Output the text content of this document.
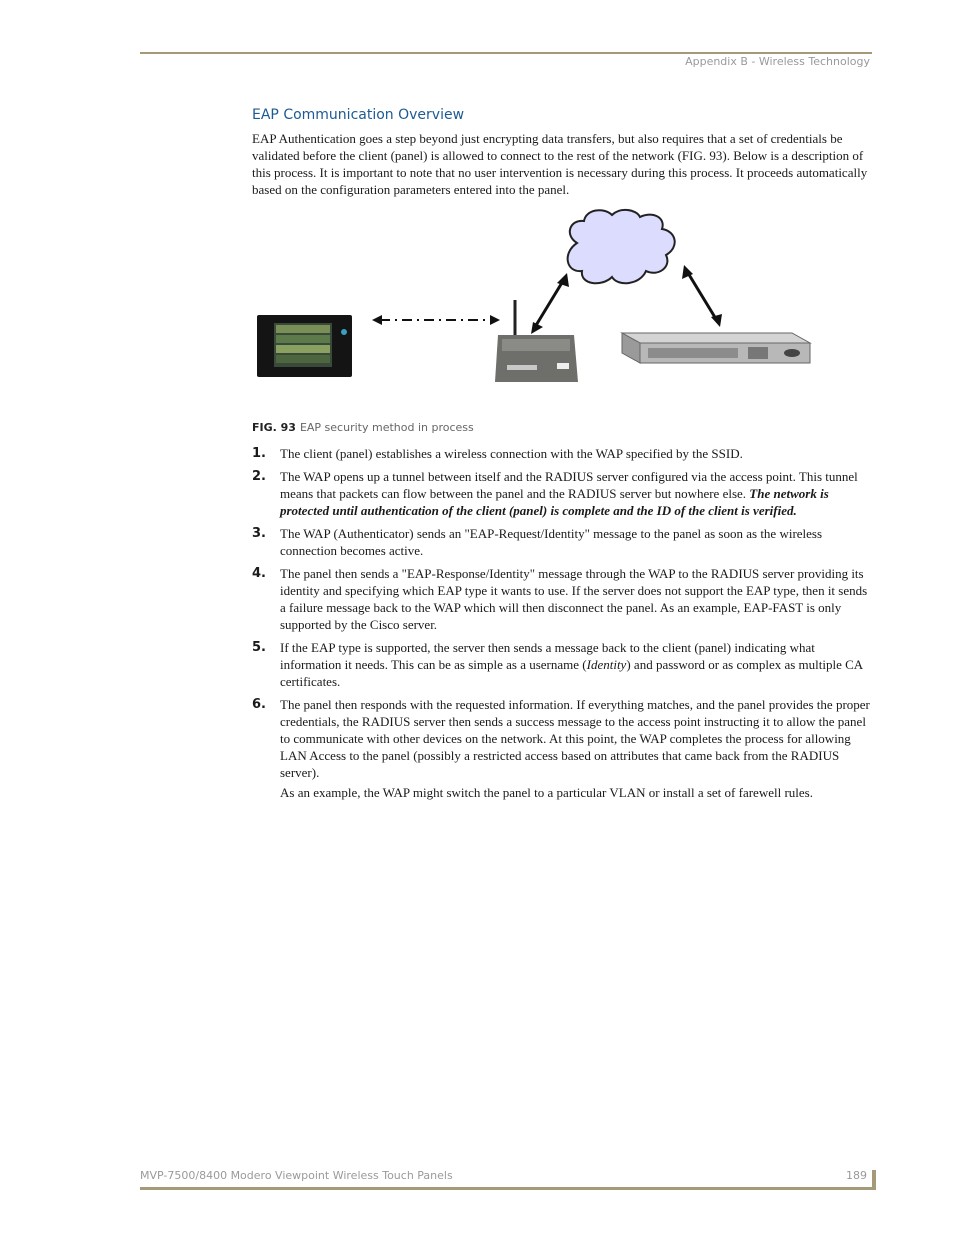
Appendix B - Wireless Technology
EAP Communication Overview

EAP Authentication goes a step beyond just encrypting data transfers, but also requires that a set of credentials be validated before the client (panel) is allowed to connect to the rest of the network (FIG. 93). Below is a description of this process. It is important to note that no user intervention is necessary during this process. It proceeds automatically based on the configuration parameters entered into the panel.

FIG. 93 EAP security method in process
1. The client (panel) establishes a wireless connection with the WAP specified by the SSID.
2. The WAP opens up a tunnel between itself and the RADIUS server configured via the access point. This tunnel means that packets can flow between the panel and the RADIUS server but nowhere else. The network is protected until authentication of the client (panel) is complete and the ID of the client is verified.
3. The WAP (Authenticator) sends an "EAP-Request/Identity" message to the panel as soon as the wireless connection becomes active.
4. The panel then sends a "EAP-Response/Identity" message through the WAP to the RADIUS server providing its identity and specifying which EAP type it wants to use. If the server does not support the EAP type, then it sends a failure message back to the WAP which will then disconnect the panel. As an example, EAP-FAST is only supported by the Cisco server.
5. If the EAP type is supported, the server then sends a message back to the client (panel) indicating what information it needs. This can be as simple as a username (Identity) and password or as complex as multiple CA certificates.
6. The panel then responds with the requested information. If everything matches, and the panel provides the proper credentials, the RADIUS server then sends a success message to the access point instructing it to allow the panel to communicate with other devices on the network. At this point, the WAP completes the process for allowing LAN Access to the panel (possibly a restricted access based on attributes that came back from the RADIUS server).
As an example, the WAP might switch the panel to a particular VLAN or install a set of farewell rules.
MVP-7500/8400 Modero Viewpoint Wireless Touch Panels	189
